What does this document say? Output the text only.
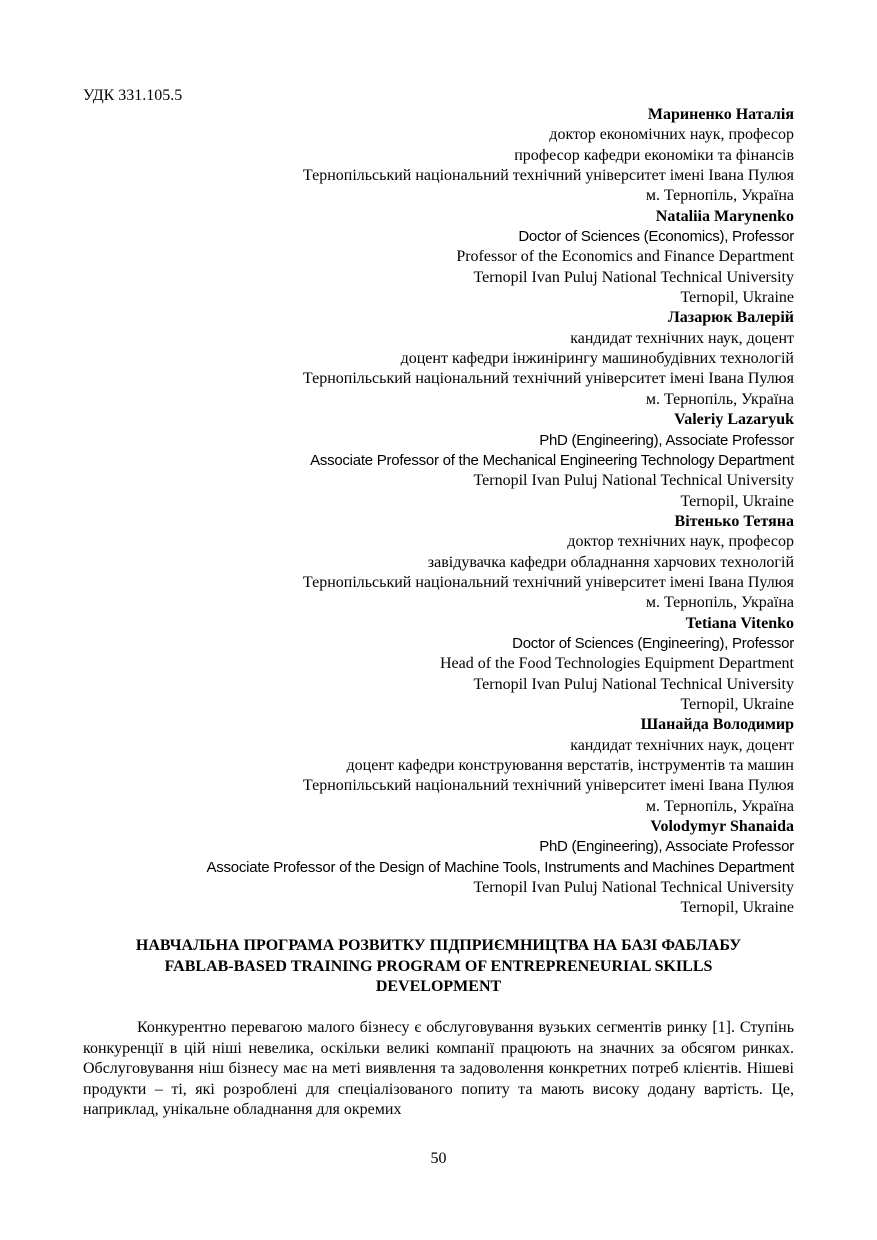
УДК 331.105.5
Мариненко Наталія
доктор економічних наук, професор
професор кафедри економіки та фінансів
Тернопільський національний технічний університет імені Івана Пулюя
м. Тернопіль, Україна
Nataliia Marynenko
Doctor of Sciences (Economics), Professor
Professor of the Economics and Finance Department
Ternopil Ivan Puluj National Technical University
Ternopil, Ukraine
Лазарюк Валерій
кандидат технічних наук, доцент
доцент кафедри інжинірингу машинобудівних технологій
Тернопільський національний технічний університет імені Івана Пулюя
м. Тернопіль, Україна
Valeriy Lazaryuk
PhD (Engineering), Associate Professor
Associate Professor of the Mechanical Engineering Technology Department
Ternopil Ivan Puluj National Technical University
Ternopil, Ukraine
Вітенько Тетяна
доктор технічних наук, професор
завідувачка кафедри обладнання харчових технологій
Тернопільський національний технічний університет імені Івана Пулюя
м. Тернопіль, Україна
Tetiana Vitenko
Doctor of Sciences (Engineering), Professor
Head of the Food Technologies Equipment Department
Ternopil Ivan Puluj National Technical University
Ternopil, Ukraine
Шанайда Володимир
кандидат технічних наук, доцент
доцент кафедри конструювання верстатів, інструментів та машин
Тернопільський національний технічний університет імені Івана Пулюя
м. Тернопіль, Україна
Volodymyr Shanaida
PhD (Engineering), Associate Professor
Associate Professor of the Design of Machine Tools, Instruments and Machines Department
Ternopil Ivan Puluj National Technical University
Ternopil, Ukraine
НАВЧАЛЬНА ПРОГРАМА РОЗВИТКУ ПІДПРИЄМНИЦТВА НА БАЗІ ФАБЛАБУ
FABLAB-BASED TRAINING PROGRAM OF ENTREPRENEURIAL SKILLS
DEVELOPMENT
Конкурентно перевагою малого бізнесу є обслуговування вузьких сегментів ринку [1]. Ступінь конкуренції в цій ніші невелика, оскільки великі компанії працюють на значних за обсягом ринках. Обслуговування ніш бізнесу має на меті виявлення та задоволення конкретних потреб клієнтів. Нішеві продукти – ті, які розроблені для спеціалізованого попиту та мають високу додану вартість. Це, наприклад, унікальне обладнання для окремих
50
